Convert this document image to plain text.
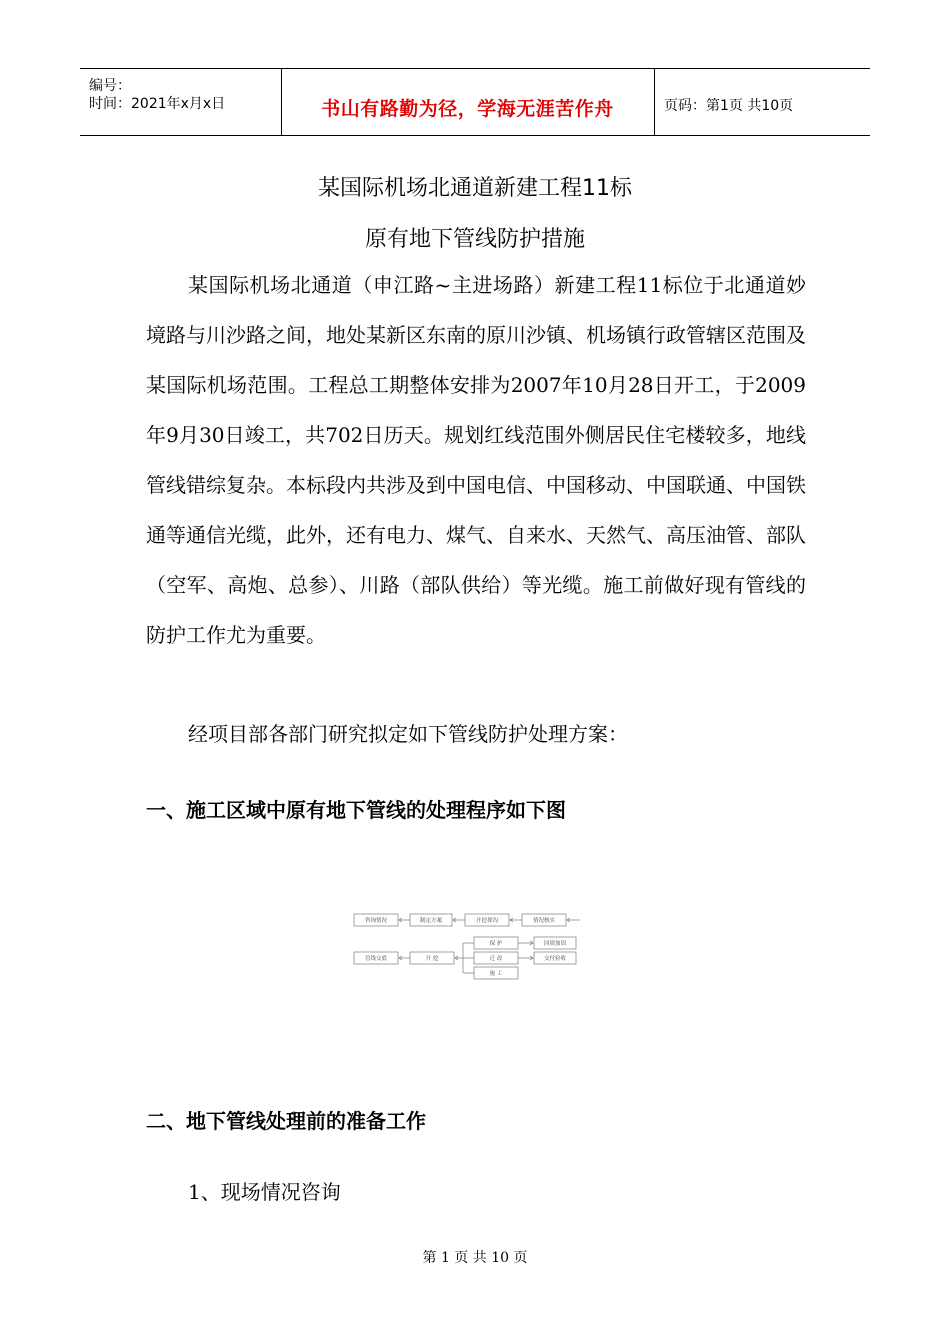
编号：
时间：2021年x月x日	书山有路勤为径，学海无涯苦作舟	页码：第1页 共10页
某国际机场北通道新建工程11标
原有地下管线防护措施

某国际机场北通道（申江路~主进场路）新建工程11标位于北通道妙境路与川沙路之间，地处某新区东南的原川沙镇、机场镇行政管辖区范围及某国际机场范围。工程总工期整体安排为2007年10月28日开工，于2009年9月30日竣工，共702日历天。规划红线范围外侧居民住宅楼较多，地线管线错综复杂。本标段内共涉及到中国电信、中国移动、中国联通、中国铁通等通信光缆，此外，还有电力、煤气、自来水、天然气、高压油管、部队（空军、高炮、总参）、川路（部队供给）等光缆。施工前做好现有管线的防护工作尤为重要。

经项目部各部门研究拟定如下管线防护处理方案：

一、施工区域中原有地下管线的处理程序如下图
咨询情况	制定方案	开挖探沟	情况核实
管线交底	开 挖
保 护
迁 改
施 工
回填加固
交付验收
二、地下管线处理前的准备工作
1、现场情况咨询
第 1 页 共 10 页
